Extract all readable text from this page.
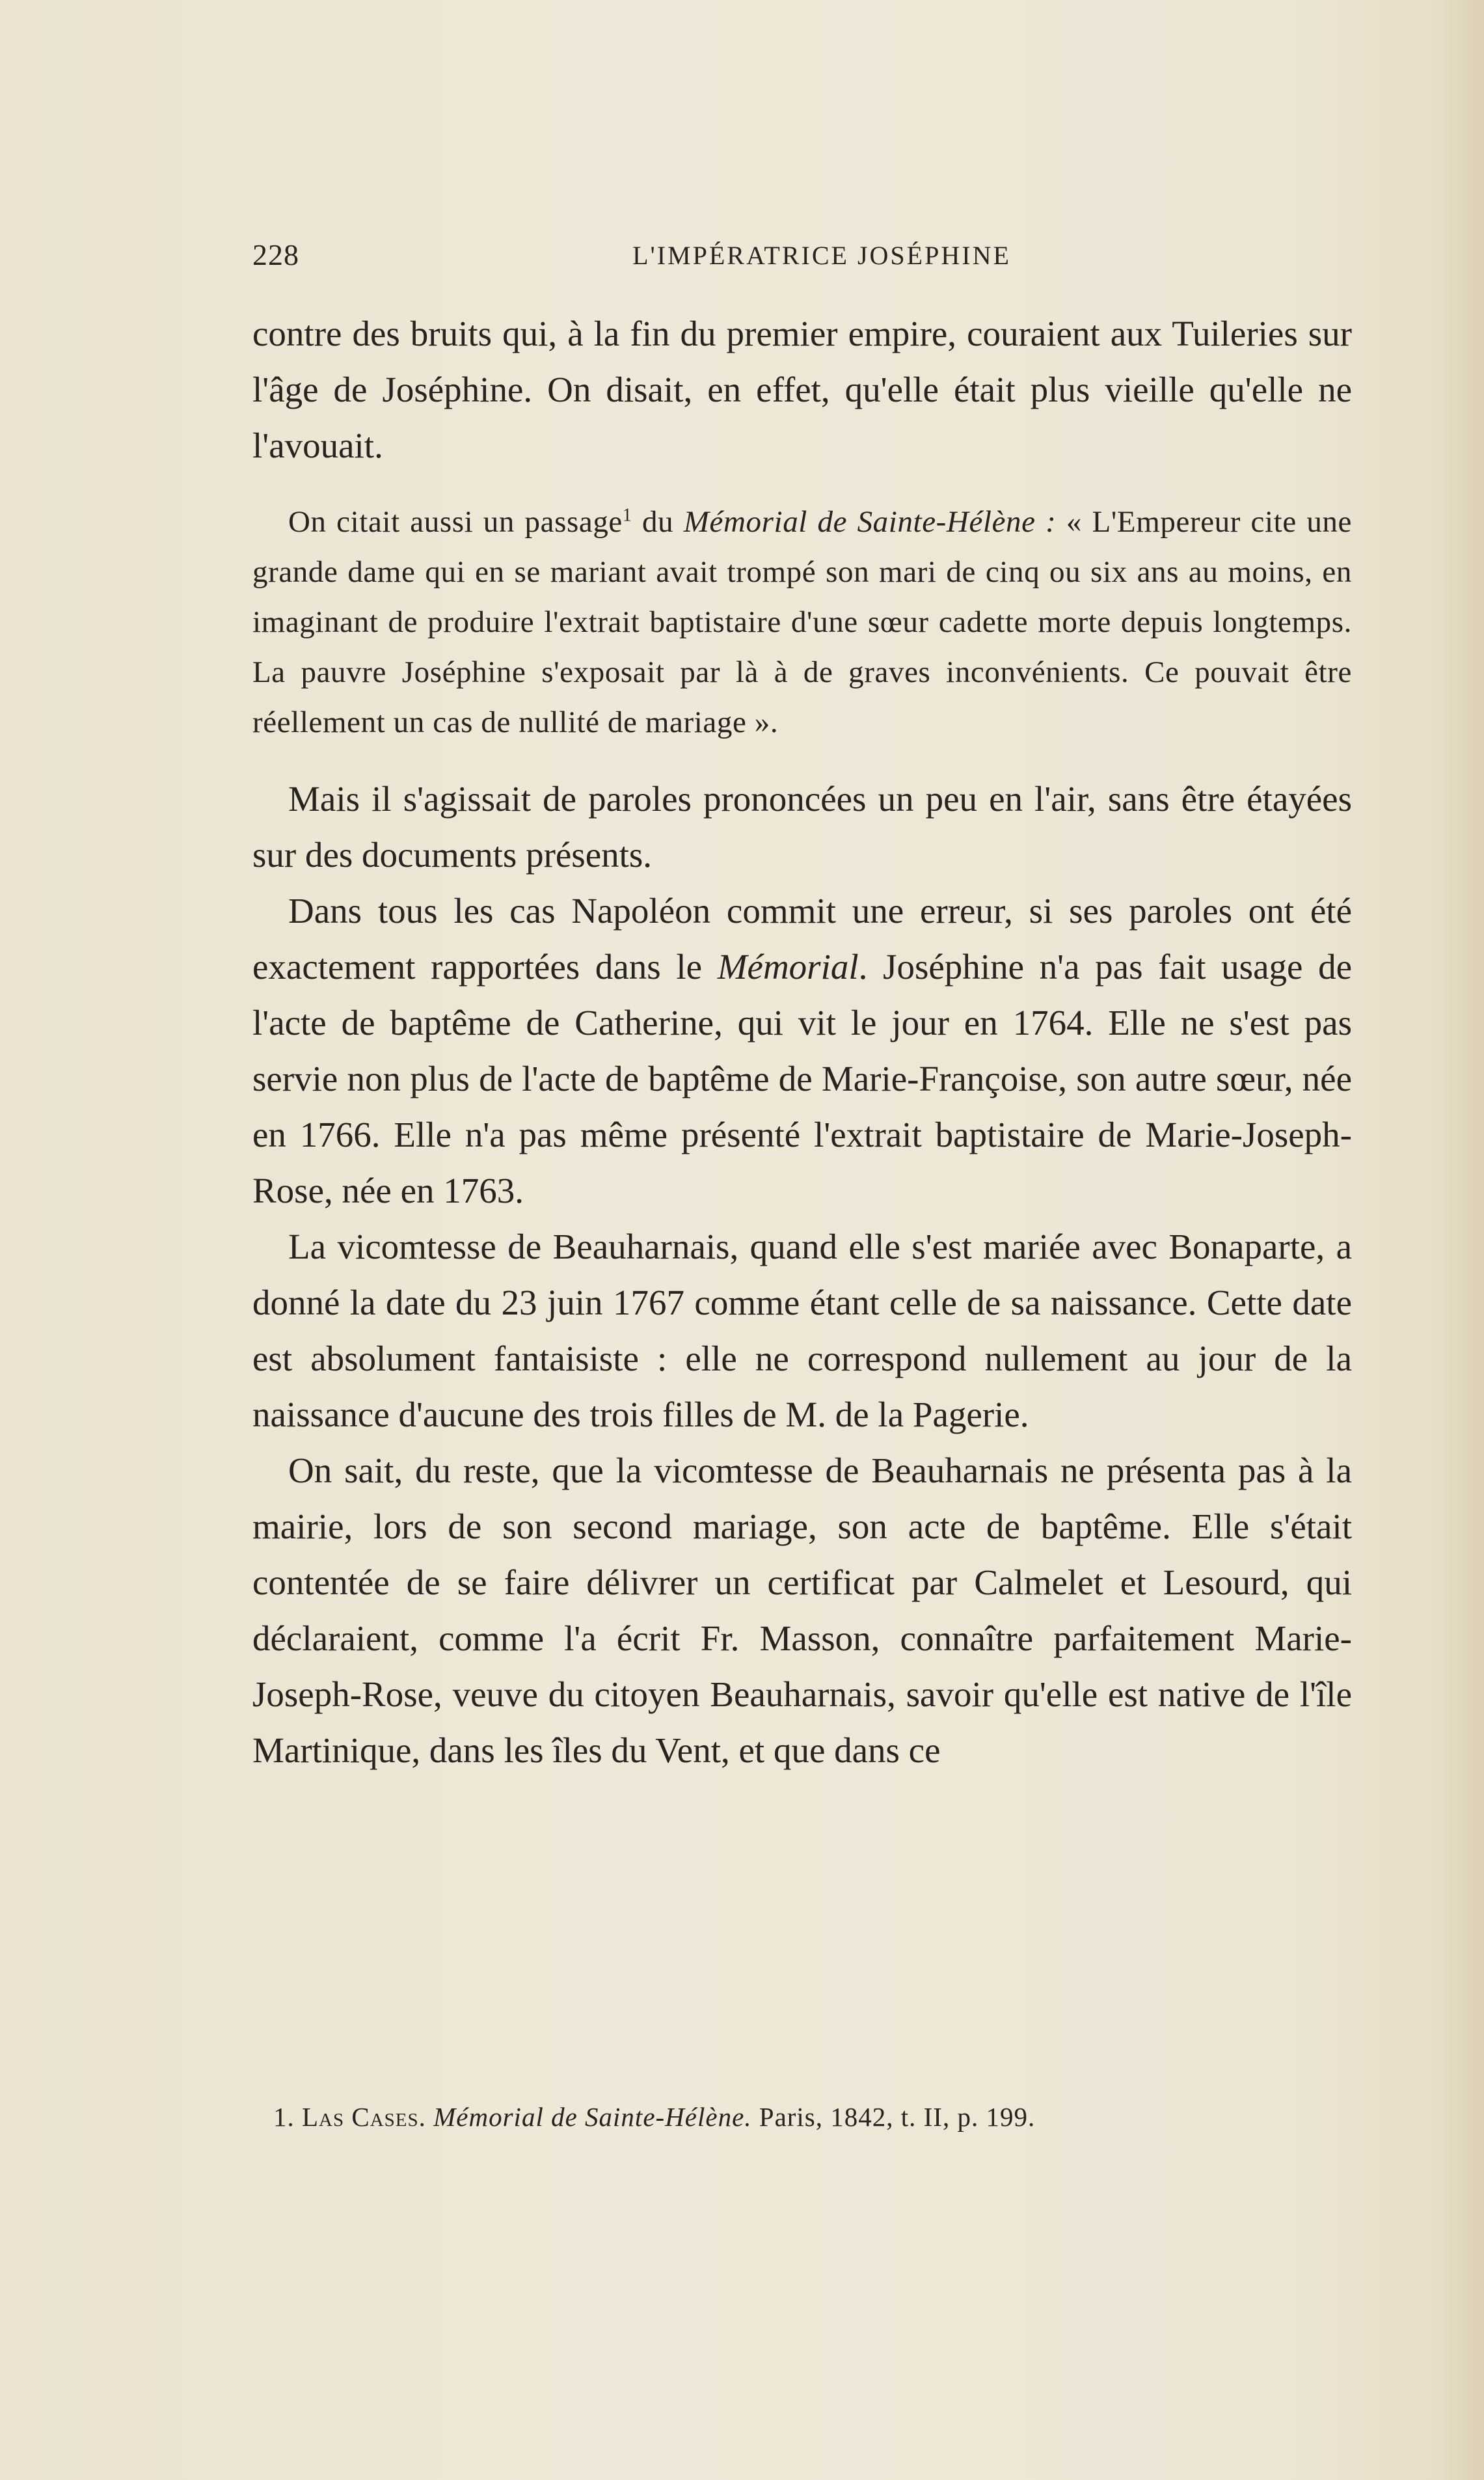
228	L'IMPÉRATRICE JOSÉPHINE

contre des bruits qui, à la fin du premier empire, couraient aux Tuileries sur l'âge de Joséphine. On disait, en effet, qu'elle était plus vieille qu'elle ne l'avouait.

On citait aussi un passage$^1$ du Mémorial de Sainte-Hélène : « L'Empereur cite une grande dame qui en se mariant avait trompé son mari de cinq ou six ans au moins, en imaginant de produire l'extrait baptistaire d'une sœur cadette morte depuis longtemps. La pauvre Joséphine s'exposait par là à de graves inconvénients. Ce pouvait être réellement un cas de nullité de mariage ».

Mais il s'agissait de paroles prononcées un peu en l'air, sans être étayées sur des documents présents.

Dans tous les cas Napoléon commit une erreur, si ses paroles ont été exactement rapportées dans le Mémorial. Joséphine n'a pas fait usage de l'acte de baptême de Catherine, qui vit le jour en 1764. Elle ne s'est pas servie non plus de l'acte de baptême de Marie-Françoise, son autre sœur, née en 1766. Elle n'a pas même présenté l'extrait baptistaire de Marie-Joseph-Rose, née en 1763.

La vicomtesse de Beauharnais, quand elle s'est mariée avec Bonaparte, a donné la date du 23 juin 1767 comme étant celle de sa naissance. Cette date est absolument fantaisiste : elle ne correspond nullement au jour de la naissance d'aucune des trois filles de M. de la Pagerie.

On sait, du reste, que la vicomtesse de Beauharnais ne présenta pas à la mairie, lors de son second mariage, son acte de baptême. Elle s'était contentée de se faire délivrer un certificat par Calmelet et Lesourd, qui déclaraient, comme l'a écrit Fr. Masson, connaître parfaitement Marie-Joseph-Rose, veuve du citoyen Beauharnais, savoir qu'elle est native de l'île Martinique, dans les îles du Vent, et que dans ce

1. Las Cases. Mémorial de Sainte-Hélène. Paris, 1842, t. II, p. 199.
